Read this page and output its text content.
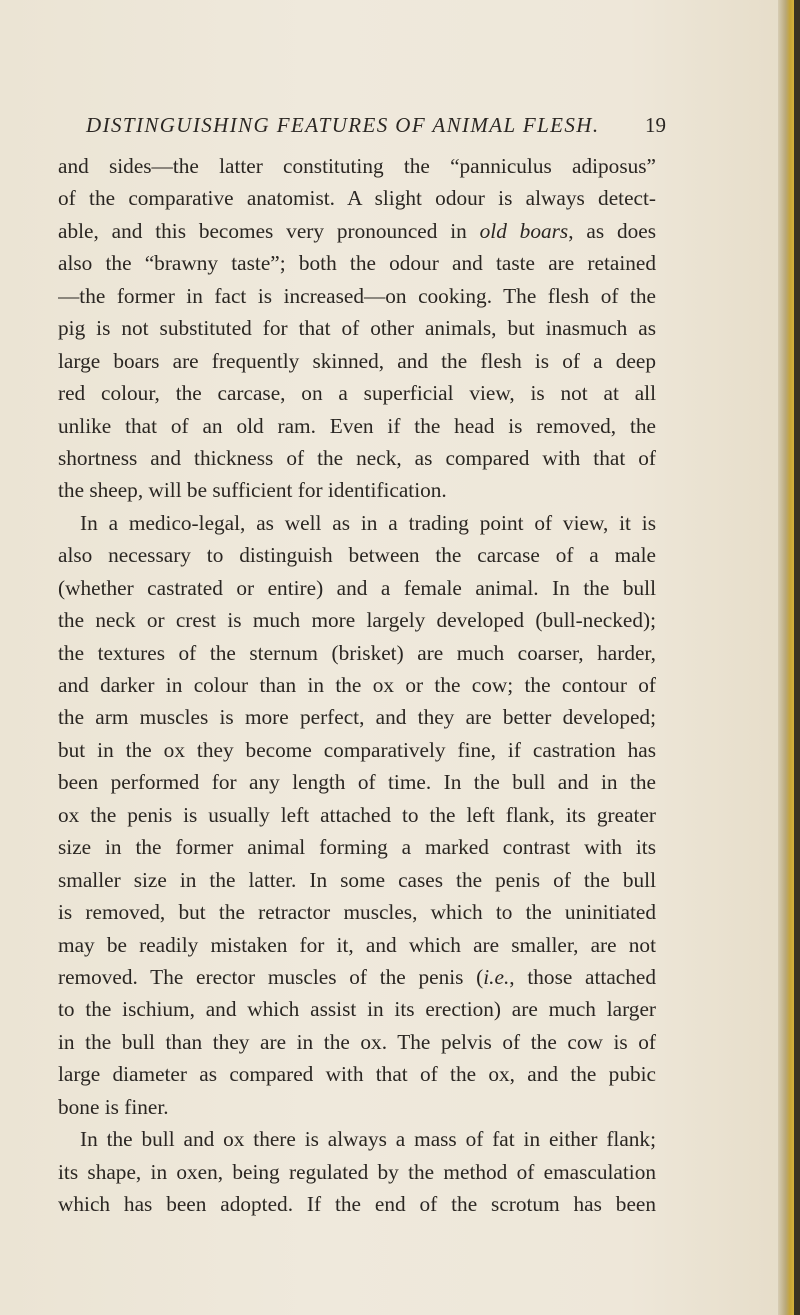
DISTINGUISHING FEATURES OF ANIMAL FLESH. 19
and sides—the latter constituting the “panniculus adiposus”
of the comparative anatomist. A slight odour is always detect-
able, and this becomes very pronounced in old boars, as does
also the “brawny taste”; both the odour and taste are retained
—the former in fact is increased—on cooking. The flesh of the
pig is not substituted for that of other animals, but inasmuch as
large boars are frequently skinned, and the flesh is of a deep
red colour, the carcase, on a superficial view, is not at all
unlike that of an old ram. Even if the head is removed, the
shortness and thickness of the neck, as compared with that of
the sheep, will be sufficient for identification.
In a medico-legal, as well as in a trading point of view, it is
also necessary to distinguish between the carcase of a male
(whether castrated or entire) and a female animal. In the bull
the neck or crest is much more largely developed (bull-necked);
the textures of the sternum (brisket) are much coarser, harder,
and darker in colour than in the ox or the cow; the contour of
the arm muscles is more perfect, and they are better developed;
but in the ox they become comparatively fine, if castration has
been performed for any length of time. In the bull and in the
ox the penis is usually left attached to the left flank, its greater
size in the former animal forming a marked contrast with its
smaller size in the latter. In some cases the penis of the bull
is removed, but the retractor muscles, which to the uninitiated
may be readily mistaken for it, and which are smaller, are not
removed. The erector muscles of the penis (i.e., those attached
to the ischium, and which assist in its erection) are much larger
in the bull than they are in the ox. The pelvis of the cow is of
large diameter as compared with that of the ox, and the pubic
bone is finer.
In the bull and ox there is always a mass of fat in either flank;
its shape, in oxen, being regulated by the method of emasculation
which has been adopted. If the end of the scrotum has been
